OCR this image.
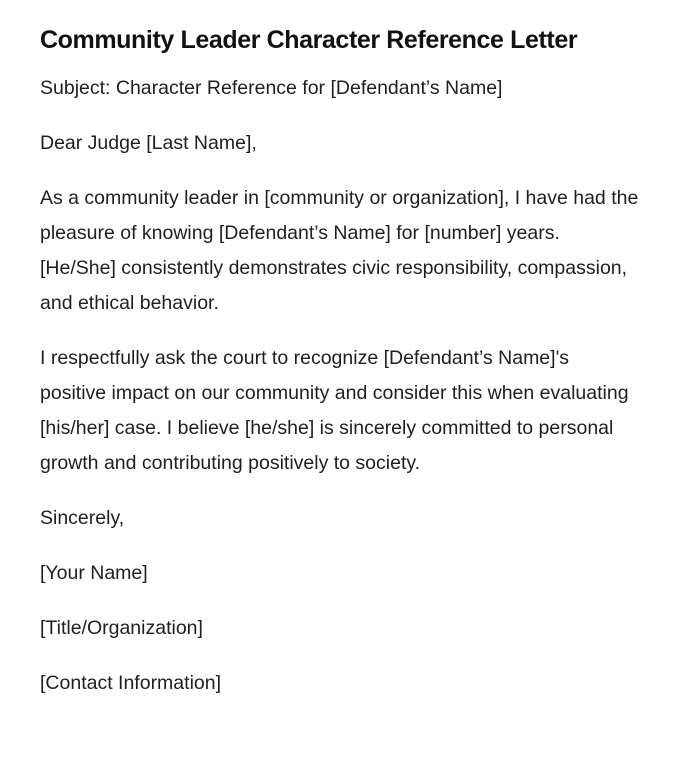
Community Leader Character Reference Letter

Subject: Character Reference for [Defendant’s Name]

Dear Judge [Last Name],

As a community leader in [community or organization], I have had the pleasure of knowing [Defendant’s Name] for [number] years. [He/She] consistently demonstrates civic responsibility, compassion, and ethical behavior.

I respectfully ask the court to recognize [Defendant’s Name]'s positive impact on our community and consider this when evaluating [his/her] case. I believe [he/she] is sincerely committed to personal growth and contributing positively to society.

Sincerely,

[Your Name]

[Title/Organization]

[Contact Information]
